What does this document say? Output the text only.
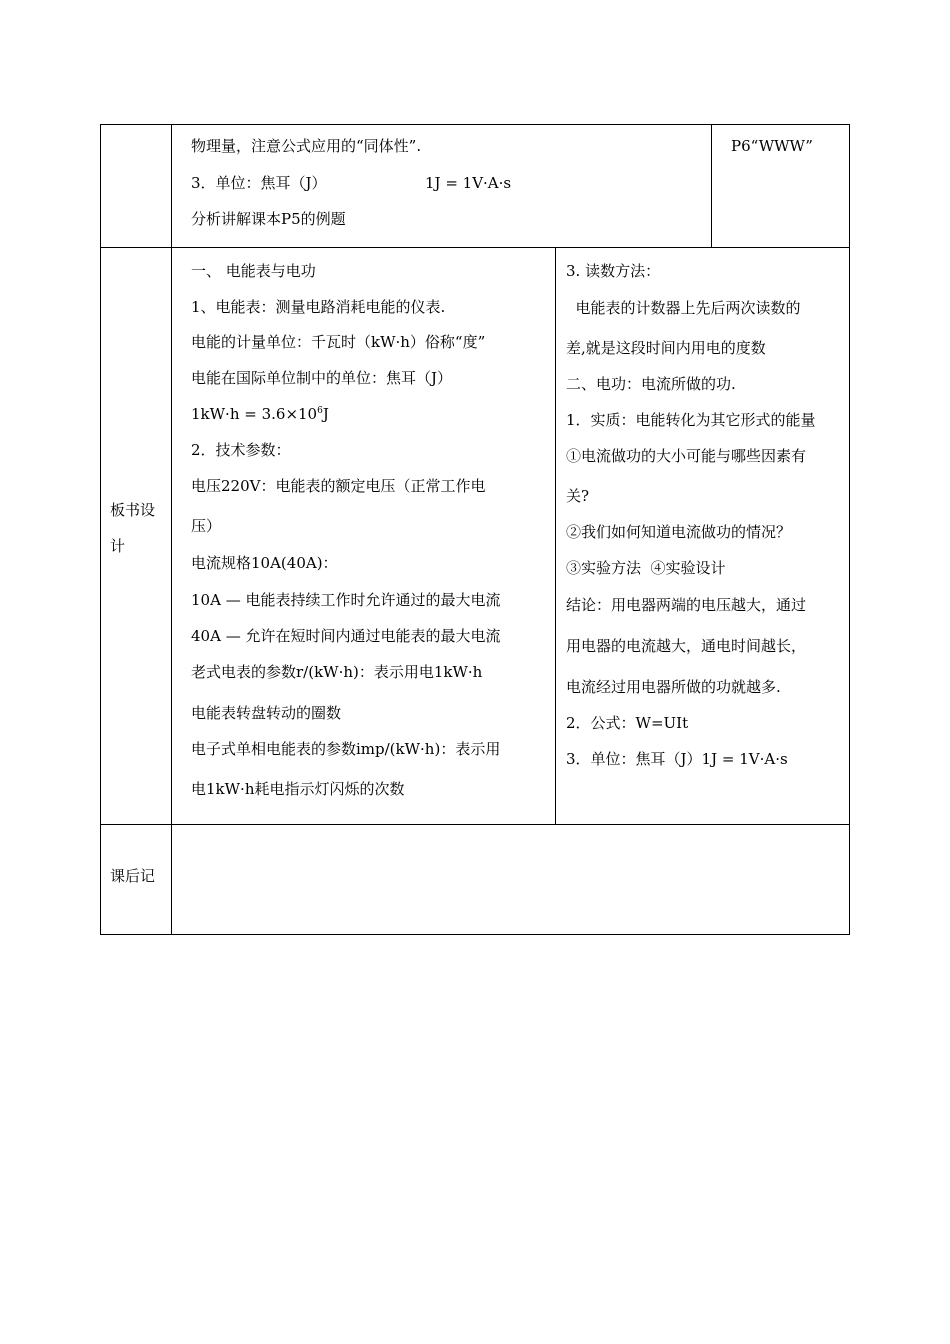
物理量，注意公式应用的“同体性”.
3．单位：焦耳（J）	1J = 1V·A·s
分析讲解课本P5的例题
P6“WWW”
板书设
计
一、 电能表与电功
1、电能表：测量电路消耗电能的仪表.
电能的计量单位：千瓦时（kW·h）俗称“度”
电能在国际单位制中的单位：焦耳（J）
$1kW\cdot h = 3.6\times 10^6J$
2．技术参数：
电压220V：电能表的额定电压（正常工作电
压）
电流规格10A(40A)：
10A — 电能表持续工作时允许通过的最大电流
40A — 允许在短时间内通过电能表的最大电流
老式电表的参数r/(kW·h)：表示用电1kW·h
电能表转盘转动的圈数
电子式单相电能表的参数imp/(kW·h)：表示用
电1kW·h耗电指示灯闪烁的次数
3. 读数方法：
电能表的计数器上先后两次读数的
差,就是这段时间内用电的度数
二、电功：电流所做的功.
1．实质：电能转化为其它形式的能量
①电流做功的大小可能与哪些因素有
关?
②我们如何知道电流做功的情况？
③实验方法  ④实验设计
结论：用电器两端的电压越大，通过
用电器的电流越大，通电时间越长，
电流经过用电器所做的功就越多.
2．公式：W=UIt
3．单位：焦耳（J）1J = 1V·A·s
课后记
